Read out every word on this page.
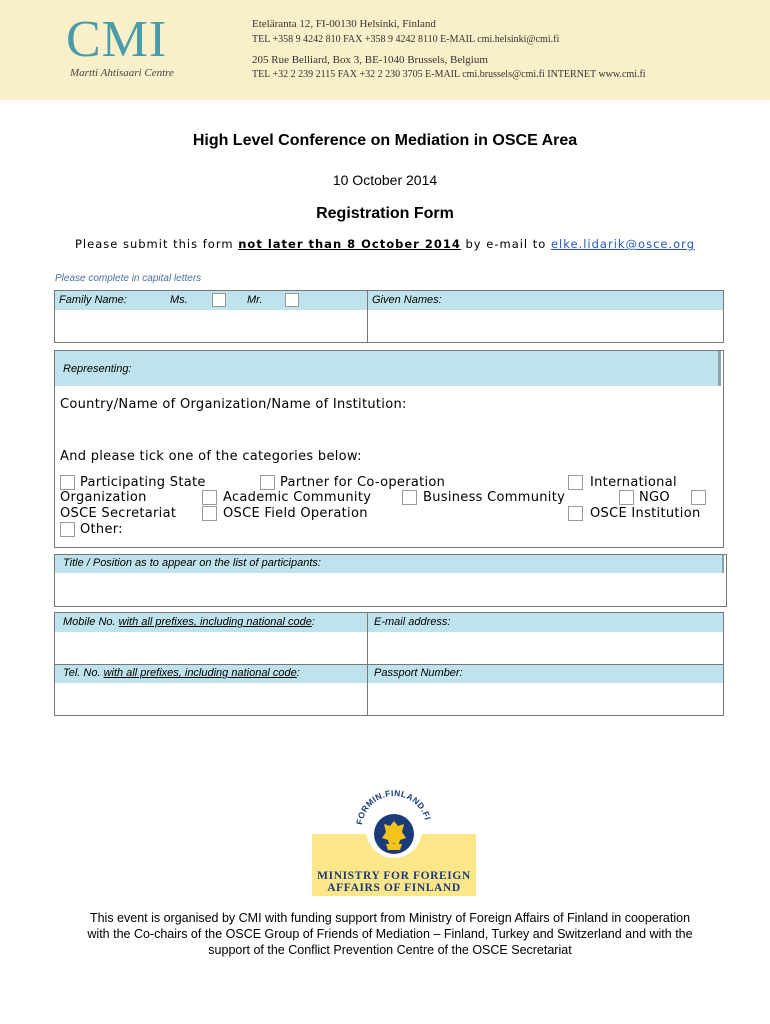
CMI
Martti Ahtisaari Centre
Eteläranta 12, FI-00130 Helsinki, Finland
TEL +358 9 4242 810 FAX +358 9 4242 8110 E-MAIL cmi.helsinki@cmi.fi
205 Rue Belliard, Box 3, BE-1040 Brussels, Belgium
TEL +32 2 239 2115 FAX +32 2 230 3705 E-MAIL cmi.brussels@cmi.fi INTERNET www.cmi.fi
High Level Conference on Mediation in OSCE Area
10 October 2014
Registration Form
Please submit this form not later than 8 October 2014 by e-mail to elke.lidarik@osce.org
Please complete in capital letters
Family Name:	Ms.	Mr.	Given Names:
Representing:
Country/Name of Organization/Name of Institution:
And please tick one of the categories below:
Participating State	Partner for Co-operation	International
Organization	Academic Community	Business Community	NGO
OSCE Secretariat	OSCE Field Operation	OSCE Institution
Other:
Title / Position as to appear on the list of participants:
Mobile No. with all prefixes, including national code:	E-mail address:
Tel. No. with all prefixes, including national code:	Passport Number:
FORMIN.FINLAND.FI
MINISTRY FOR FOREIGN
AFFAIRS OF FINLAND
This event is organised by CMI with funding support from Ministry of Foreign Affairs of Finland in cooperation with the Co-chairs of the OSCE Group of Friends of Mediation – Finland, Turkey and Switzerland and with the support of the Conflict Prevention Centre of the OSCE Secretariat
